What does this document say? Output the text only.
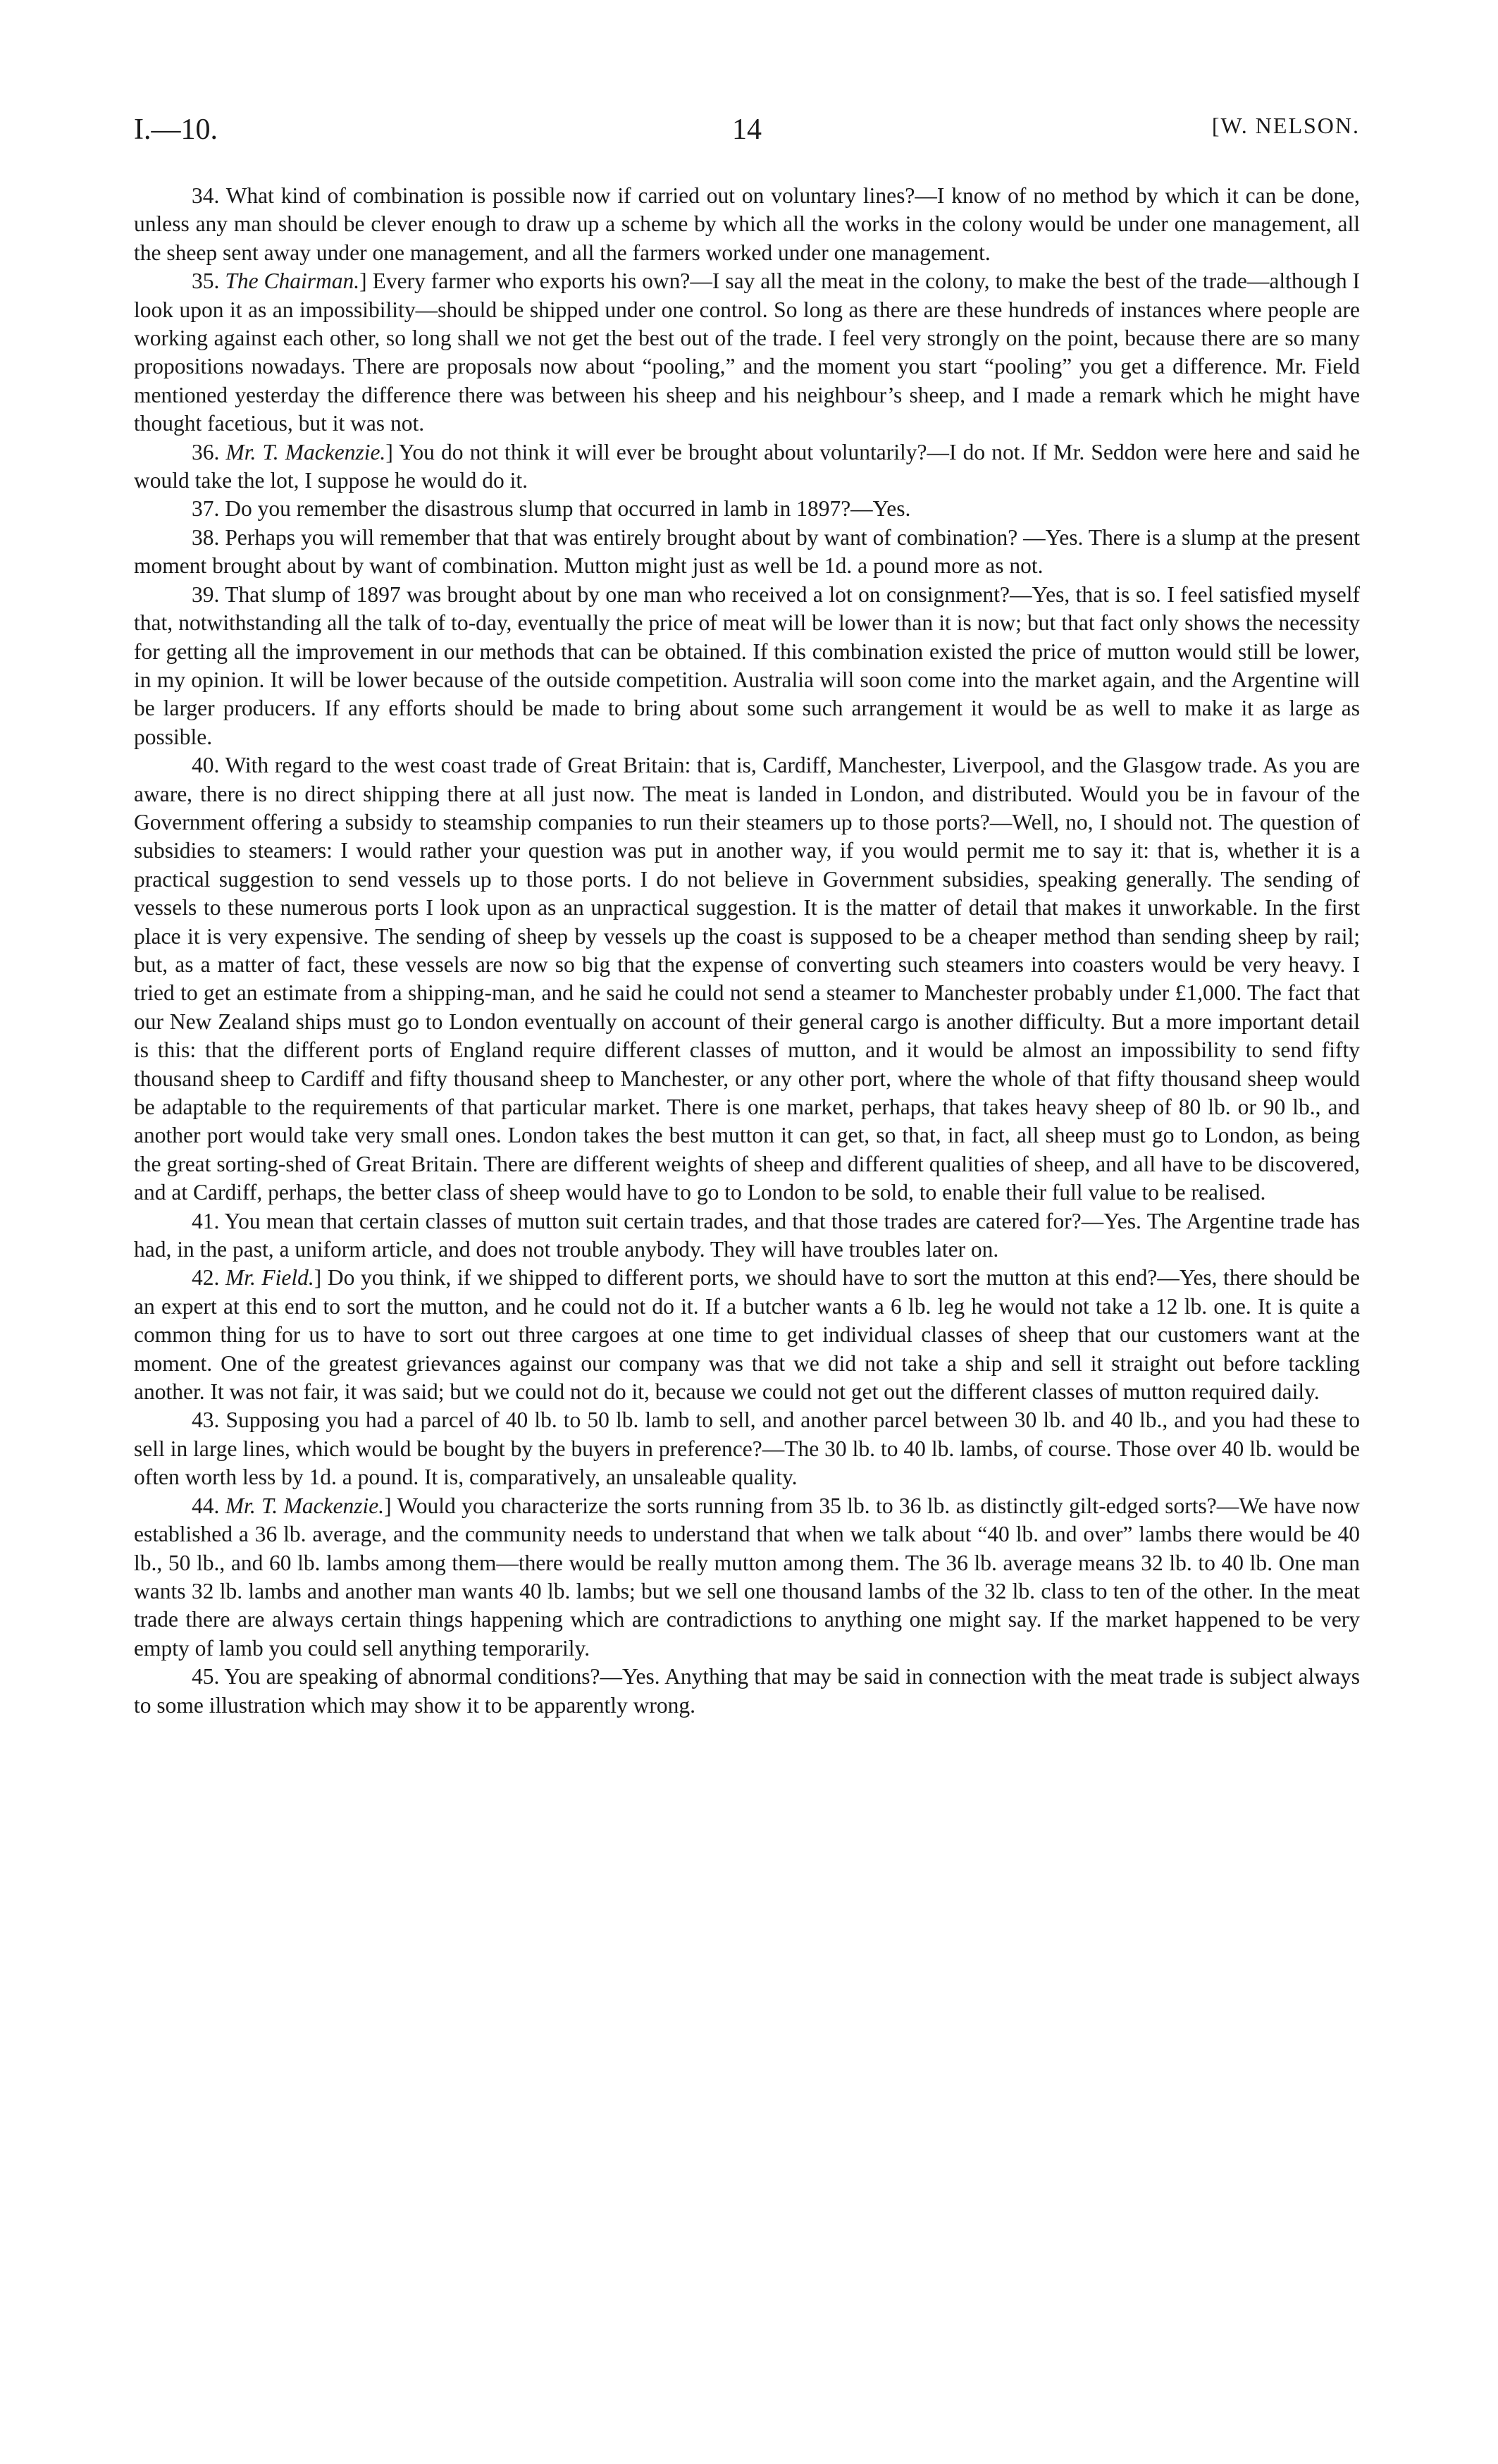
I.—10.	14	[W. NELSON.

34. What kind of combination is possible now if carried out on voluntary lines?—I know of no method by which it can be done, unless any man should be clever enough to draw up a scheme by which all the works in the colony would be under one management, all the sheep sent away under one management, and all the farmers worked under one management.

35. The Chairman.] Every farmer who exports his own?—I say all the meat in the colony, to make the best of the trade—although I look upon it as an impossibility—should be shipped under one control. So long as there are these hundreds of instances where people are working against each other, so long shall we not get the best out of the trade. I feel very strongly on the point, because there are so many propositions nowadays. There are proposals now about “pooling,” and the moment you start “pooling” you get a difference. Mr. Field mentioned yesterday the difference there was between his sheep and his neighbour’s sheep, and I made a remark which he might have thought facetious, but it was not.

36. Mr. T. Mackenzie.] You do not think it will ever be brought about voluntarily?—I do not. If Mr. Seddon were here and said he would take the lot, I suppose he would do it.

37. Do you remember the disastrous slump that occurred in lamb in 1897?—Yes.

38. Perhaps you will remember that that was entirely brought about by want of combination? —Yes. There is a slump at the present moment brought about by want of combination. Mutton might just as well be 1d. a pound more as not.

39. That slump of 1897 was brought about by one man who received a lot on consignment?—Yes, that is so. I feel satisfied myself that, notwithstanding all the talk of to-day, eventually the price of meat will be lower than it is now; but that fact only shows the necessity for getting all the improvement in our methods that can be obtained. If this combination existed the price of mutton would still be lower, in my opinion. It will be lower because of the outside competition. Australia will soon come into the market again, and the Argentine will be larger producers. If any efforts should be made to bring about some such arrangement it would be as well to make it as large as possible.

40. With regard to the west coast trade of Great Britain: that is, Cardiff, Manchester, Liverpool, and the Glasgow trade. As you are aware, there is no direct shipping there at all just now. The meat is landed in London, and distributed. Would you be in favour of the Government offering a subsidy to steamship companies to run their steamers up to those ports?—Well, no, I should not. The question of subsidies to steamers: I would rather your question was put in another way, if you would permit me to say it: that is, whether it is a practical suggestion to send vessels up to those ports. I do not believe in Government subsidies, speaking generally. The sending of vessels to these numerous ports I look upon as an unpractical suggestion. It is the matter of detail that makes it unworkable. In the first place it is very expensive. The sending of sheep by vessels up the coast is supposed to be a cheaper method than sending sheep by rail; but, as a matter of fact, these vessels are now so big that the expense of converting such steamers into coasters would be very heavy. I tried to get an estimate from a shipping-man, and he said he could not send a steamer to Manchester probably under £1,000. The fact that our New Zealand ships must go to London eventually on account of their general cargo is another difficulty. But a more important detail is this: that the different ports of England require different classes of mutton, and it would be almost an impossibility to send fifty thousand sheep to Cardiff and fifty thousand sheep to Manchester, or any other port, where the whole of that fifty thousand sheep would be adaptable to the requirements of that particular market. There is one market, perhaps, that takes heavy sheep of 80 lb. or 90 lb., and another port would take very small ones. London takes the best mutton it can get, so that, in fact, all sheep must go to London, as being the great sorting-shed of Great Britain. There are different weights of sheep and different qualities of sheep, and all have to be discovered, and at Cardiff, perhaps, the better class of sheep would have to go to London to be sold, to enable their full value to be realised.

41. You mean that certain classes of mutton suit certain trades, and that those trades are catered for?—Yes. The Argentine trade has had, in the past, a uniform article, and does not trouble anybody. They will have troubles later on.

42. Mr. Field.] Do you think, if we shipped to different ports, we should have to sort the mutton at this end?—Yes, there should be an expert at this end to sort the mutton, and he could not do it. If a butcher wants a 6 lb. leg he would not take a 12 lb. one. It is quite a common thing for us to have to sort out three cargoes at one time to get individual classes of sheep that our customers want at the moment. One of the greatest grievances against our company was that we did not take a ship and sell it straight out before tackling another. It was not fair, it was said; but we could not do it, because we could not get out the different classes of mutton required daily.

43. Supposing you had a parcel of 40 lb. to 50 lb. lamb to sell, and another parcel between 30 lb. and 40 lb., and you had these to sell in large lines, which would be bought by the buyers in preference?—The 30 lb. to 40 lb. lambs, of course. Those over 40 lb. would be often worth less by 1d. a pound. It is, comparatively, an unsaleable quality.

44. Mr. T. Mackenzie.] Would you characterize the sorts running from 35 lb. to 36 lb. as distinctly gilt-edged sorts?—We have now established a 36 lb. average, and the community needs to understand that when we talk about “40 lb. and over” lambs there would be 40 lb., 50 lb., and 60 lb. lambs among them—there would be really mutton among them. The 36 lb. average means 32 lb. to 40 lb. One man wants 32 lb. lambs and another man wants 40 lb. lambs; but we sell one thousand lambs of the 32 lb. class to ten of the other. In the meat trade there are always certain things happening which are contradictions to anything one might say. If the market happened to be very empty of lamb you could sell anything temporarily.

45. You are speaking of abnormal conditions?—Yes. Anything that may be said in connection with the meat trade is subject always to some illustration which may show it to be apparently wrong.
